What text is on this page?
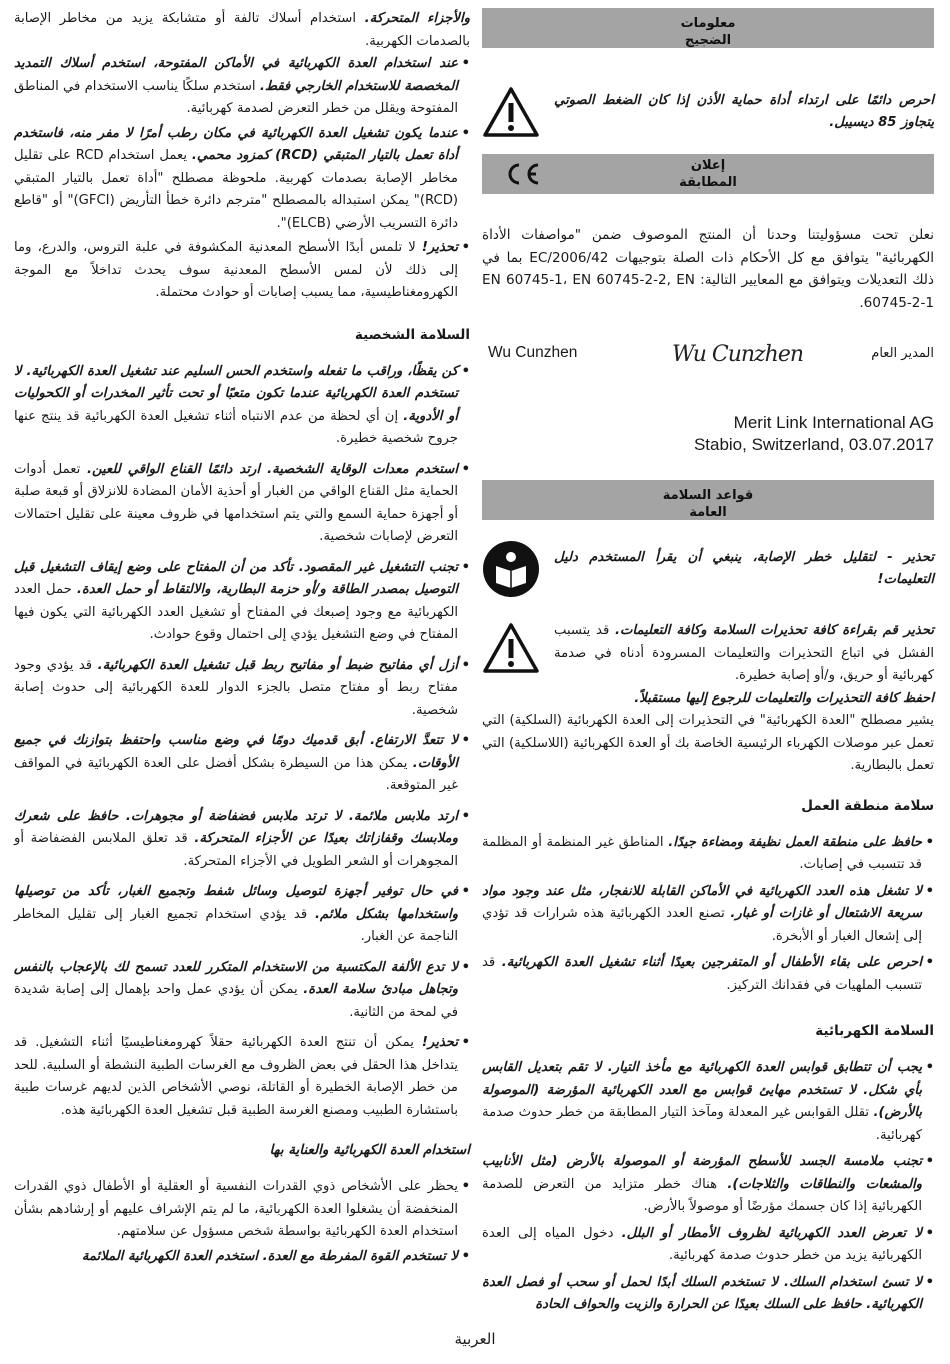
معلومات
الضجيج

احرص دائمًا على ارتداء أداة حماية الأذن إذا كان الضغط الصوتي يتجاوز 85 ديسيبل.

إعلان
المطابقة

نعلن تحت مسؤوليتنا وحدنا أن المنتج الموصوف ضمن "مواصفات الأداة الكهربائية" يتوافق مع كل الأحكام ذات الصلة بتوجيهات 2006/42/EC بما في ذلك التعديلات ويتوافق مع المعايير التالية: EN 60745-1، EN 60745-2-2, EN 60745-2-1.

المدير العام
Wu Cunzhen
Wu Cunzhen
Merit Link International AG
Stabio, Switzerland, 03.07.2017
قواعد السلامة
العامة

تحذير - لتقليل خطر الإصابة، ينبغي أن يقرأ المستخدم دليل التعليمات!

تحذير قم بقراءة كافة تحذيرات السلامة وكافة التعليمات. قد يتسبب الفشل في اتباع التحذيرات والتعليمات المسرودة أدناه في صدمة كهربائية أو حريق، و/أو إصابة خطيرة.

احفظ كافة التحذيرات والتعليمات للرجوع إليها مستقبلاً.

يشير مصطلح "العدة الكهربائية" في التحذيرات إلى العدة الكهربائية (السلكية) التي تعمل عبر موصلات الكهرباء الرئيسية الخاصة بك أو العدة الكهربائية (اللاسلكية) التي تعمل بالبطارية.

سلامة منطقة العمل

• حافظ على منطقة العمل نظيفة ومضاءة جيدًا. المناطق غير المنظمة أو المظلمة قد تتسبب في إصابات.

• لا تشغل هذه العدد الكهربائية في الأماكن القابلة للانفجار، مثل عند وجود مواد سريعة الاشتعال أو غازات أو غبار. تصنع العدد الكهربائية هذه شرارات قد تؤدي إلى إشعال الغبار أو الأبخرة.

• احرص على بقاء الأطفال أو المتفرجين بعيدًا أثناء تشغيل العدة الكهربائية. قد تتسبب الملهيات في فقدانك التركيز.

السلامة الكهربائية

• يجب أن تتطابق قوابس العدة الكهربائية مع مأخذ التيار. لا تقم بتعديل القابس بأي شكل. لا تستخدم مهايئ قوابس مع العدد الكهربائية المؤرضة (الموصولة بالأرض). تقلل القوابس غير المعدلة ومآخذ التيار المطابقة من خطر حدوث صدمة كهربائية.

• تجنب ملامسة الجسد للأسطح المؤرضة أو الموصولة بالأرض (مثل الأنابيب والمشعات والنطاقات والثلاجات). هناك خطر متزايد من التعرض للصدمة الكهربائية إذا كان جسمك مؤرضًا أو موصولاً بالأرض.

• لا تعرض العدد الكهربائية لظروف الأمطار أو البلل. دخول المياه إلى العدة الكهربائية يزيد من خطر حدوث صدمة كهربائية.

• لا تسئ استخدام السلك. لا تستخدم السلك أبدًا لحمل أو سحب أو فصل العدة الكهربائية. حافظ على السلك بعيدًا عن الحرارة والزيت والحواف الحادة

والأجزاء المتحركة. استخدام أسلاك تالفة أو متشابكة يزيد من مخاطر الإصابة بالصدمات الكهربية.

• عند استخدام العدة الكهربائية في الأماكن المفتوحة، استخدم أسلاك التمديد المخصصة للاستخدام الخارجي فقط. استخدم سلكًا يناسب الاستخدام في المناطق المفتوحة ويقلل من خطر التعرض لصدمة كهربائية.

• عندما يكون تشغيل العدة الكهربائية في مكان رطب أمرًا لا مفر منه، فاستخدم أداة تعمل بالتيار المتبقي (RCD) كمزود محمي. يعمل استخدام RCD على تقليل مخاطر الإصابة بصدمات كهربية. ملحوظة مصطلح "أداة تعمل بالتيار المتبقي (RCD)" يمكن استبداله بالمصطلح "مترجم دائرة خطأ التأريض (GFCI)" أو "قاطع دائرة التسريب الأرضي (ELCB)".

• تحذير! لا تلمس أبدًا الأسطح المعدنية المكشوفة في علبة التروس، والدرع، وما إلى ذلك لأن لمس الأسطح المعدنية سوف يحدث تداخلاً مع الموجة الكهرومغناطيسية، مما يسبب إصابات أو حوادث محتملة.

السلامة الشخصية

• كن يقظًا، وراقب ما تفعله واستخدم الحس السليم عند تشغيل العدة الكهربائية. لا تستخدم العدة الكهربائية عندما تكون متعبًا أو تحت تأثير المخدرات أو الكحوليات أو الأدوية. إن أي لحظة من عدم الانتباه أثناء تشغيل العدة الكهربائية قد ينتج عنها جروح شخصية خطيرة.

• استخدم معدات الوقاية الشخصية. ارتد دائمًا القناع الواقي للعين. تعمل أدوات الحماية مثل القناع الواقي من الغبار أو أحذية الأمان المضادة للانزلاق أو قبعة صلبة أو أجهزة حماية السمع والتي يتم استخدامها في ظروف معينة على تقليل احتمالات التعرض لإصابات شخصية.

• تجنب التشغيل غير المقصود. تأكد من أن المفتاح على وضع إيقاف التشغيل قبل التوصيل بمصدر الطاقة و/أو حزمة البطارية، والالتقاط أو حمل العدة. حمل العدد الكهربائية مع وجود إصبعك في المفتاح أو تشغيل العدد الكهربائية التي يكون فيها المفتاح في وضع التشغيل يؤدي إلى احتمال وقوع حوادث.

• أزل أي مفاتيح ضبط أو مفاتيح ربط قبل تشغيل العدة الكهربائية. قد يؤدي وجود مفتاح ربط أو مفتاح متصل بالجزء الدوار للعدة الكهربائية إلى حدوث إصابة شخصية.

• لا تتعدَّ الارتفاع. أبق قدميك دومًا في وضع مناسب واحتفظ بتوازنك في جميع الأوقات. يمكن هذا من السيطرة بشكل أفضل على العدة الكهربائية في المواقف غير المتوقعة.

• ارتد ملابس ملائمة. لا ترتد ملابس فضفاضة أو مجوهرات. حافظ على شعرك وملابسك وقفازاتك بعيدًا عن الأجزاء المتحركة. قد تعلق الملابس الفضفاضة أو المجوهرات أو الشعر الطويل في الأجزاء المتحركة.

• في حال توفير أجهزة لتوصيل وسائل شفط وتجميع الغبار، تأكد من توصيلها واستخدامها بشكل ملائم. قد يؤدي استخدام تجميع الغبار إلى تقليل المخاطر الناجمة عن الغبار.

• لا تدع الألفة المكتسبة من الاستخدام المتكرر للعدد تسمح لك بالإعجاب بالنفس وتجاهل مبادئ سلامة العدة. يمكن أن يؤدي عمل واحد بإهمال إلى إصابة شديدة في لمحة من الثانية.

• تحذير! يمكن أن تنتج العدة الكهربائية حقلاً كهرومغناطيسيًا أثناء التشغيل. قد يتداخل هذا الحقل في بعض الظروف مع الغرسات الطبية النشطة أو السلبية. للحد من خطر الإصابة الخطيرة أو القاتلة، نوصي الأشخاص الذين لديهم غرسات طبية باستشارة الطبيب ومصنع الغرسة الطبية قبل تشغيل العدة الكهربائية هذه.

استخدام العدة الكهربائية والعناية بها

• يحظر على الأشخاص ذوي القدرات النفسية أو العقلية أو الأطفال ذوي القدرات المنخفضة أن يشغلوا العدة الكهربائية، ما لم يتم الإشراف عليهم أو إرشادهم بشأن استخدام العدة الكهربائية بواسطة شخص مسؤول عن سلامتهم.

• لا تستخدم القوة المفرطة مع العدة. استخدم العدة الكهربائية الملائمة

العربية
